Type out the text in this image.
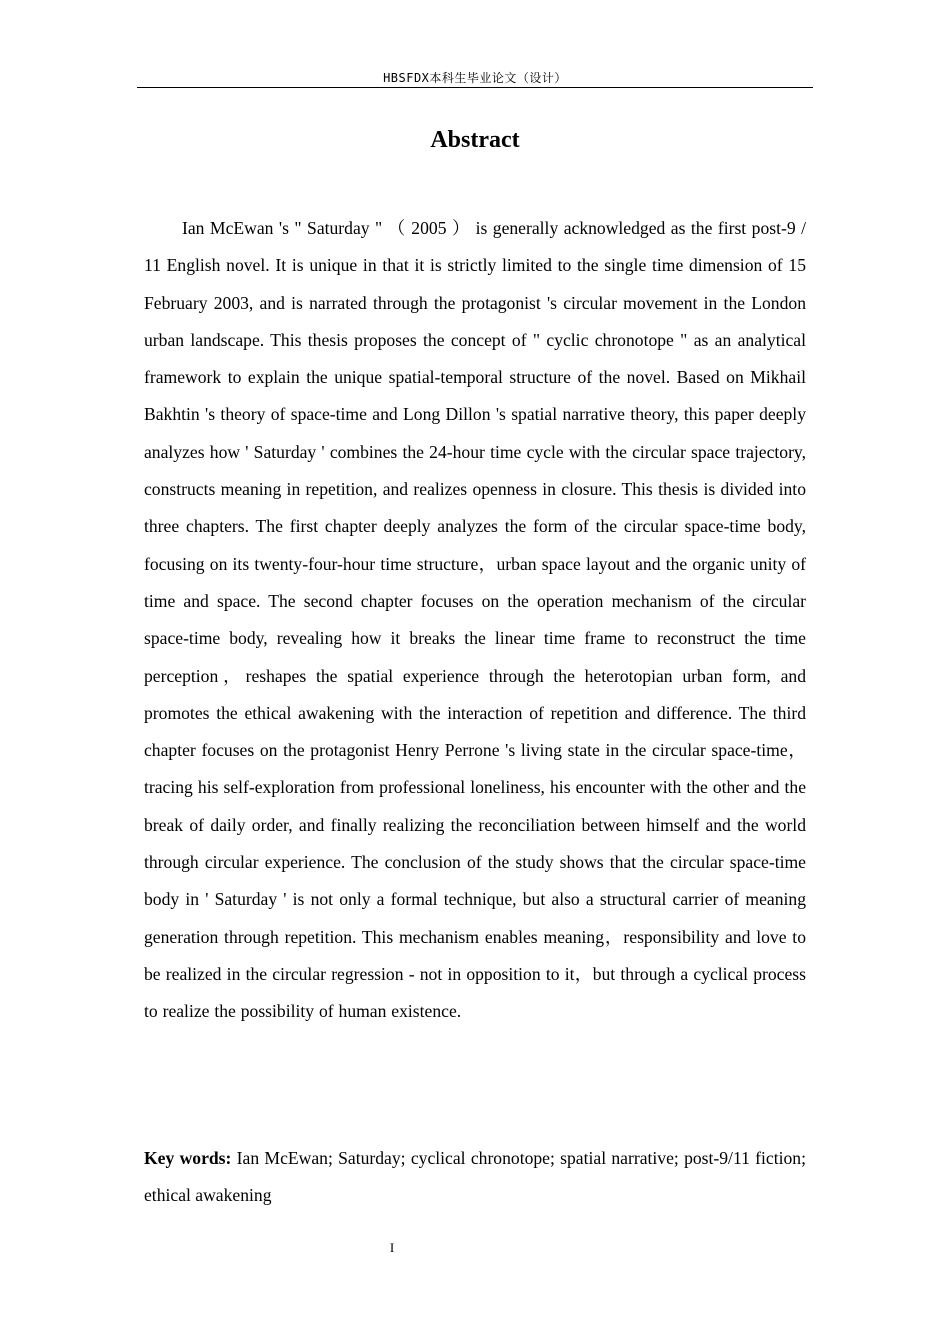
HBSFDX本科生毕业论文（设计）
Abstract

Ian McEwan 's " Saturday " （ 2005 ） is generally acknowledged as the first post-9 / 11 English novel. It is unique in that it is strictly limited to the single time dimension of 15 February 2003, and is narrated through the protagonist 's circular movement in the London urban landscape. This thesis proposes the concept of " cyclic chronotope " as an analytical framework to explain the unique spatial-temporal structure of the novel. Based on Mikhail Bakhtin 's theory of space-time and Long Dillon 's spatial narrative theory, this paper deeply analyzes how ' Saturday ' combines the 24-hour time cycle with the circular space trajectory, constructs meaning in repetition, and realizes openness in closure. This thesis is divided into three chapters. The first chapter deeply analyzes the form of the circular space-time body, focusing on its twenty-four-hour time structure，urban space layout and the organic unity of time and space. The second chapter focuses on the operation mechanism of the circular space-time body, revealing how it breaks the linear time frame to reconstruct the time perception，reshapes the spatial experience through the heterotopian urban form, and promotes the ethical awakening with the interaction of repetition and difference. The third chapter focuses on the protagonist Henry Perrone 's living state in the circular space-time，tracing his self-exploration from professional loneliness, his encounter with the other and the break of daily order, and finally realizing the reconciliation between himself and the world through circular experience. The conclusion of the study shows that the circular space-time body in ' Saturday ' is not only a formal technique, but also a structural carrier of meaning generation through repetition. This mechanism enables meaning，responsibility and love to be realized in the circular regression - not in opposition to it，but through a cyclical process to realize the possibility of human existence.

Key words: Ian McEwan; Saturday; cyclical chronotope; spatial narrative; post-9/11 fiction; ethical awakening

I
